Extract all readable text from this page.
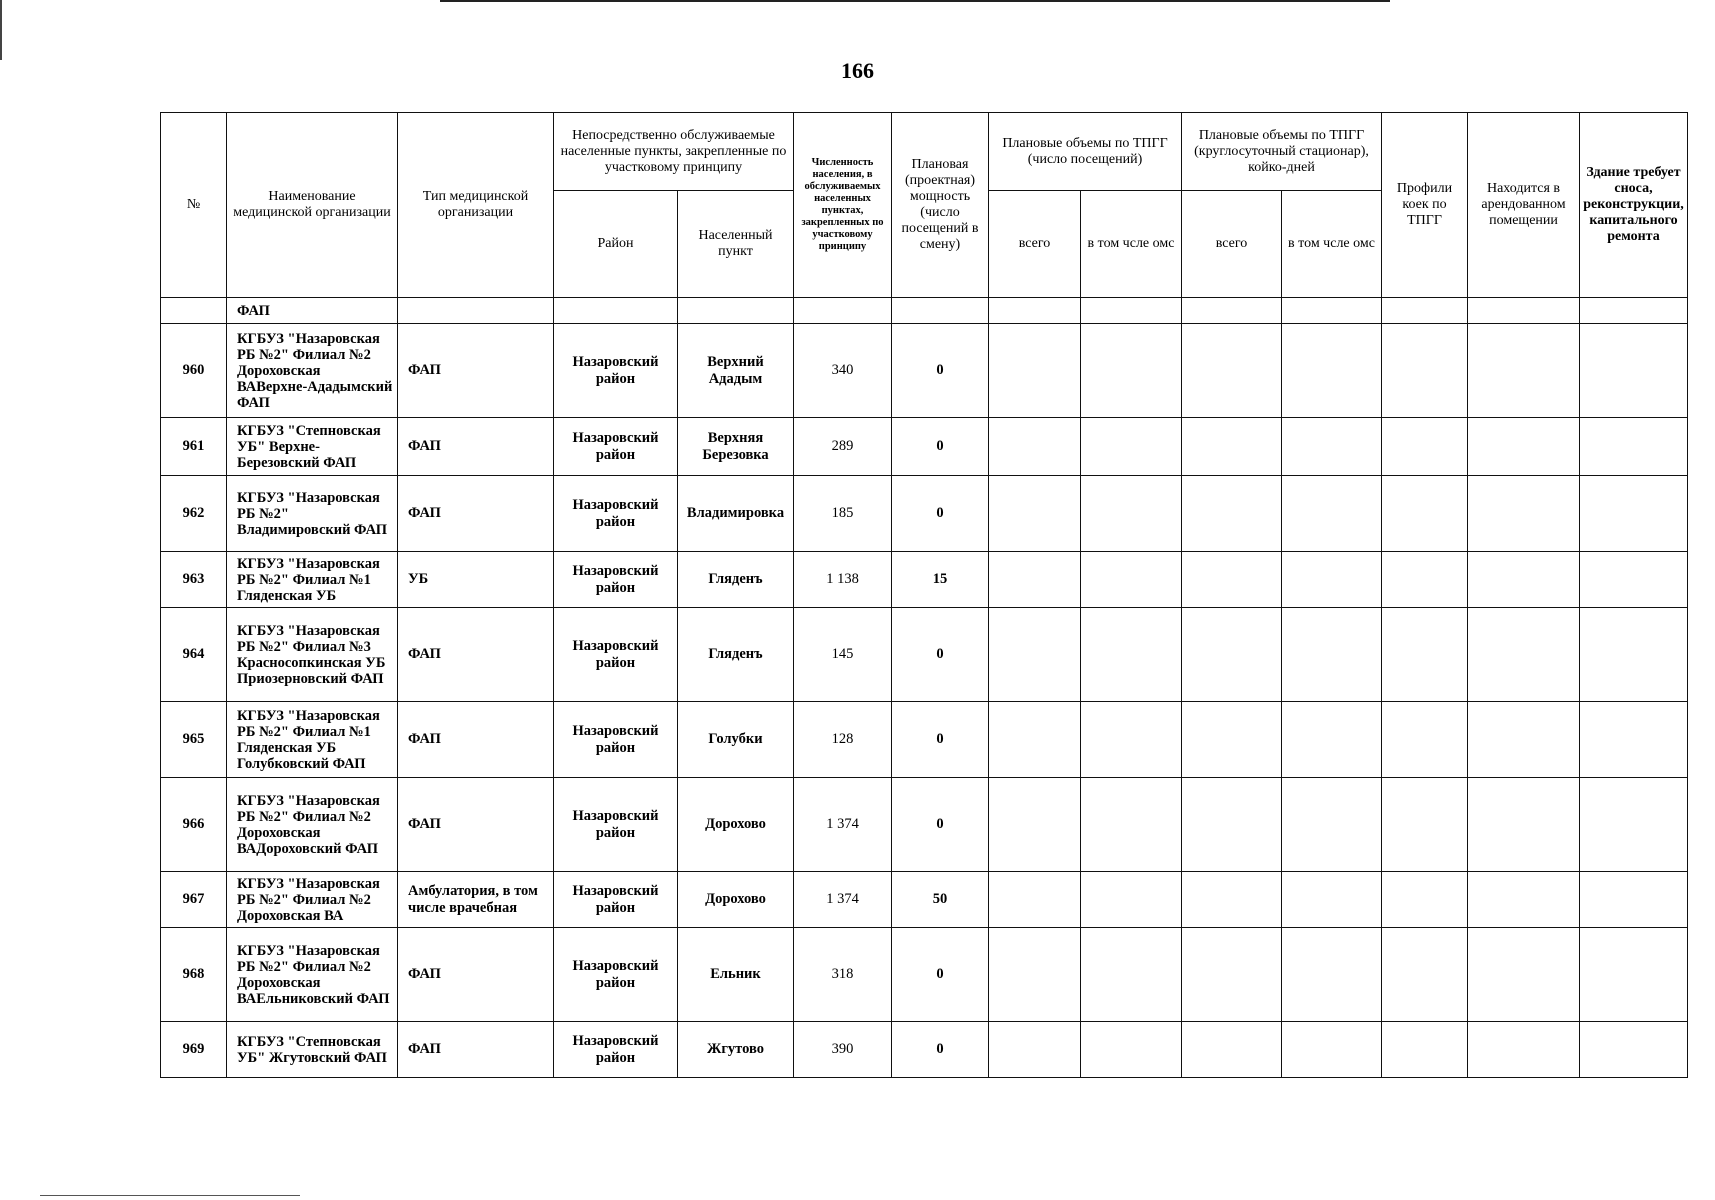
166
№	Наименование медицинской организации	Тип медицинской организации	Непосредственно обслуживаемые населенные пункты, закрепленные по участковому принципу		Численность населения, в обслуживаемых населенных пунктах, закрепленных по участковому принципу	Плановая (проектная) мощность (число посещений в смену)	Плановые объемы по ТПГГ (число посещений)		Плановые объемы по ТПГГ (круглосуточный стационар), койко-дней		Профили коек по ТПГГ	Находится в арендованном помещении	Здание требует сноса, реконструкции, капитального ремонта
			Район	Населенный пункт			всего	в том чсле омс	всего	в том чсле омс			
	ФАП												
960	КГБУЗ "Назаровская РБ №2" Филиал №2 Дороховская ВАВерхне-Ададымский ФАП	ФАП	Назаровский район	Верхний Ададым	340	0							
961	КГБУЗ "Степновская УБ" Верхне-Березовский ФАП	ФАП	Назаровский район	Верхняя Березовка	289	0							
962	КГБУЗ "Назаровская РБ №2" Владимировский ФАП	ФАП	Назаровский район	Владимировка	185	0							
963	КГБУЗ "Назаровская РБ №2" Филиал №1 Гляденская УБ	УБ	Назаровский район	Гляденъ	1 138	15							
964	КГБУЗ "Назаровская РБ №2" Филиал №3 Красносопкинская УБ Приозерновский ФАП	ФАП	Назаровский район	Гляденъ	145	0							
965	КГБУЗ "Назаровская РБ №2" Филиал №1 Гляденская УБ Голубковский ФАП	ФАП	Назаровский район	Голубки	128	0							
966	КГБУЗ "Назаровская РБ №2" Филиал №2 Дороховская ВАДороховский ФАП	ФАП	Назаровский район	Дорохово	1 374	0							
967	КГБУЗ "Назаровская РБ №2" Филиал №2 Дороховская ВА	Амбулатория, в том числе врачебная	Назаровский район	Дорохово	1 374	50							
968	КГБУЗ "Назаровская РБ №2" Филиал №2 Дороховская ВАЕльниковский ФАП	ФАП	Назаровский район	Ельник	318	0							
969	КГБУЗ "Степновская УБ" Жгутовский ФАП	ФАП	Назаровский район	Жгутово	390	0							
